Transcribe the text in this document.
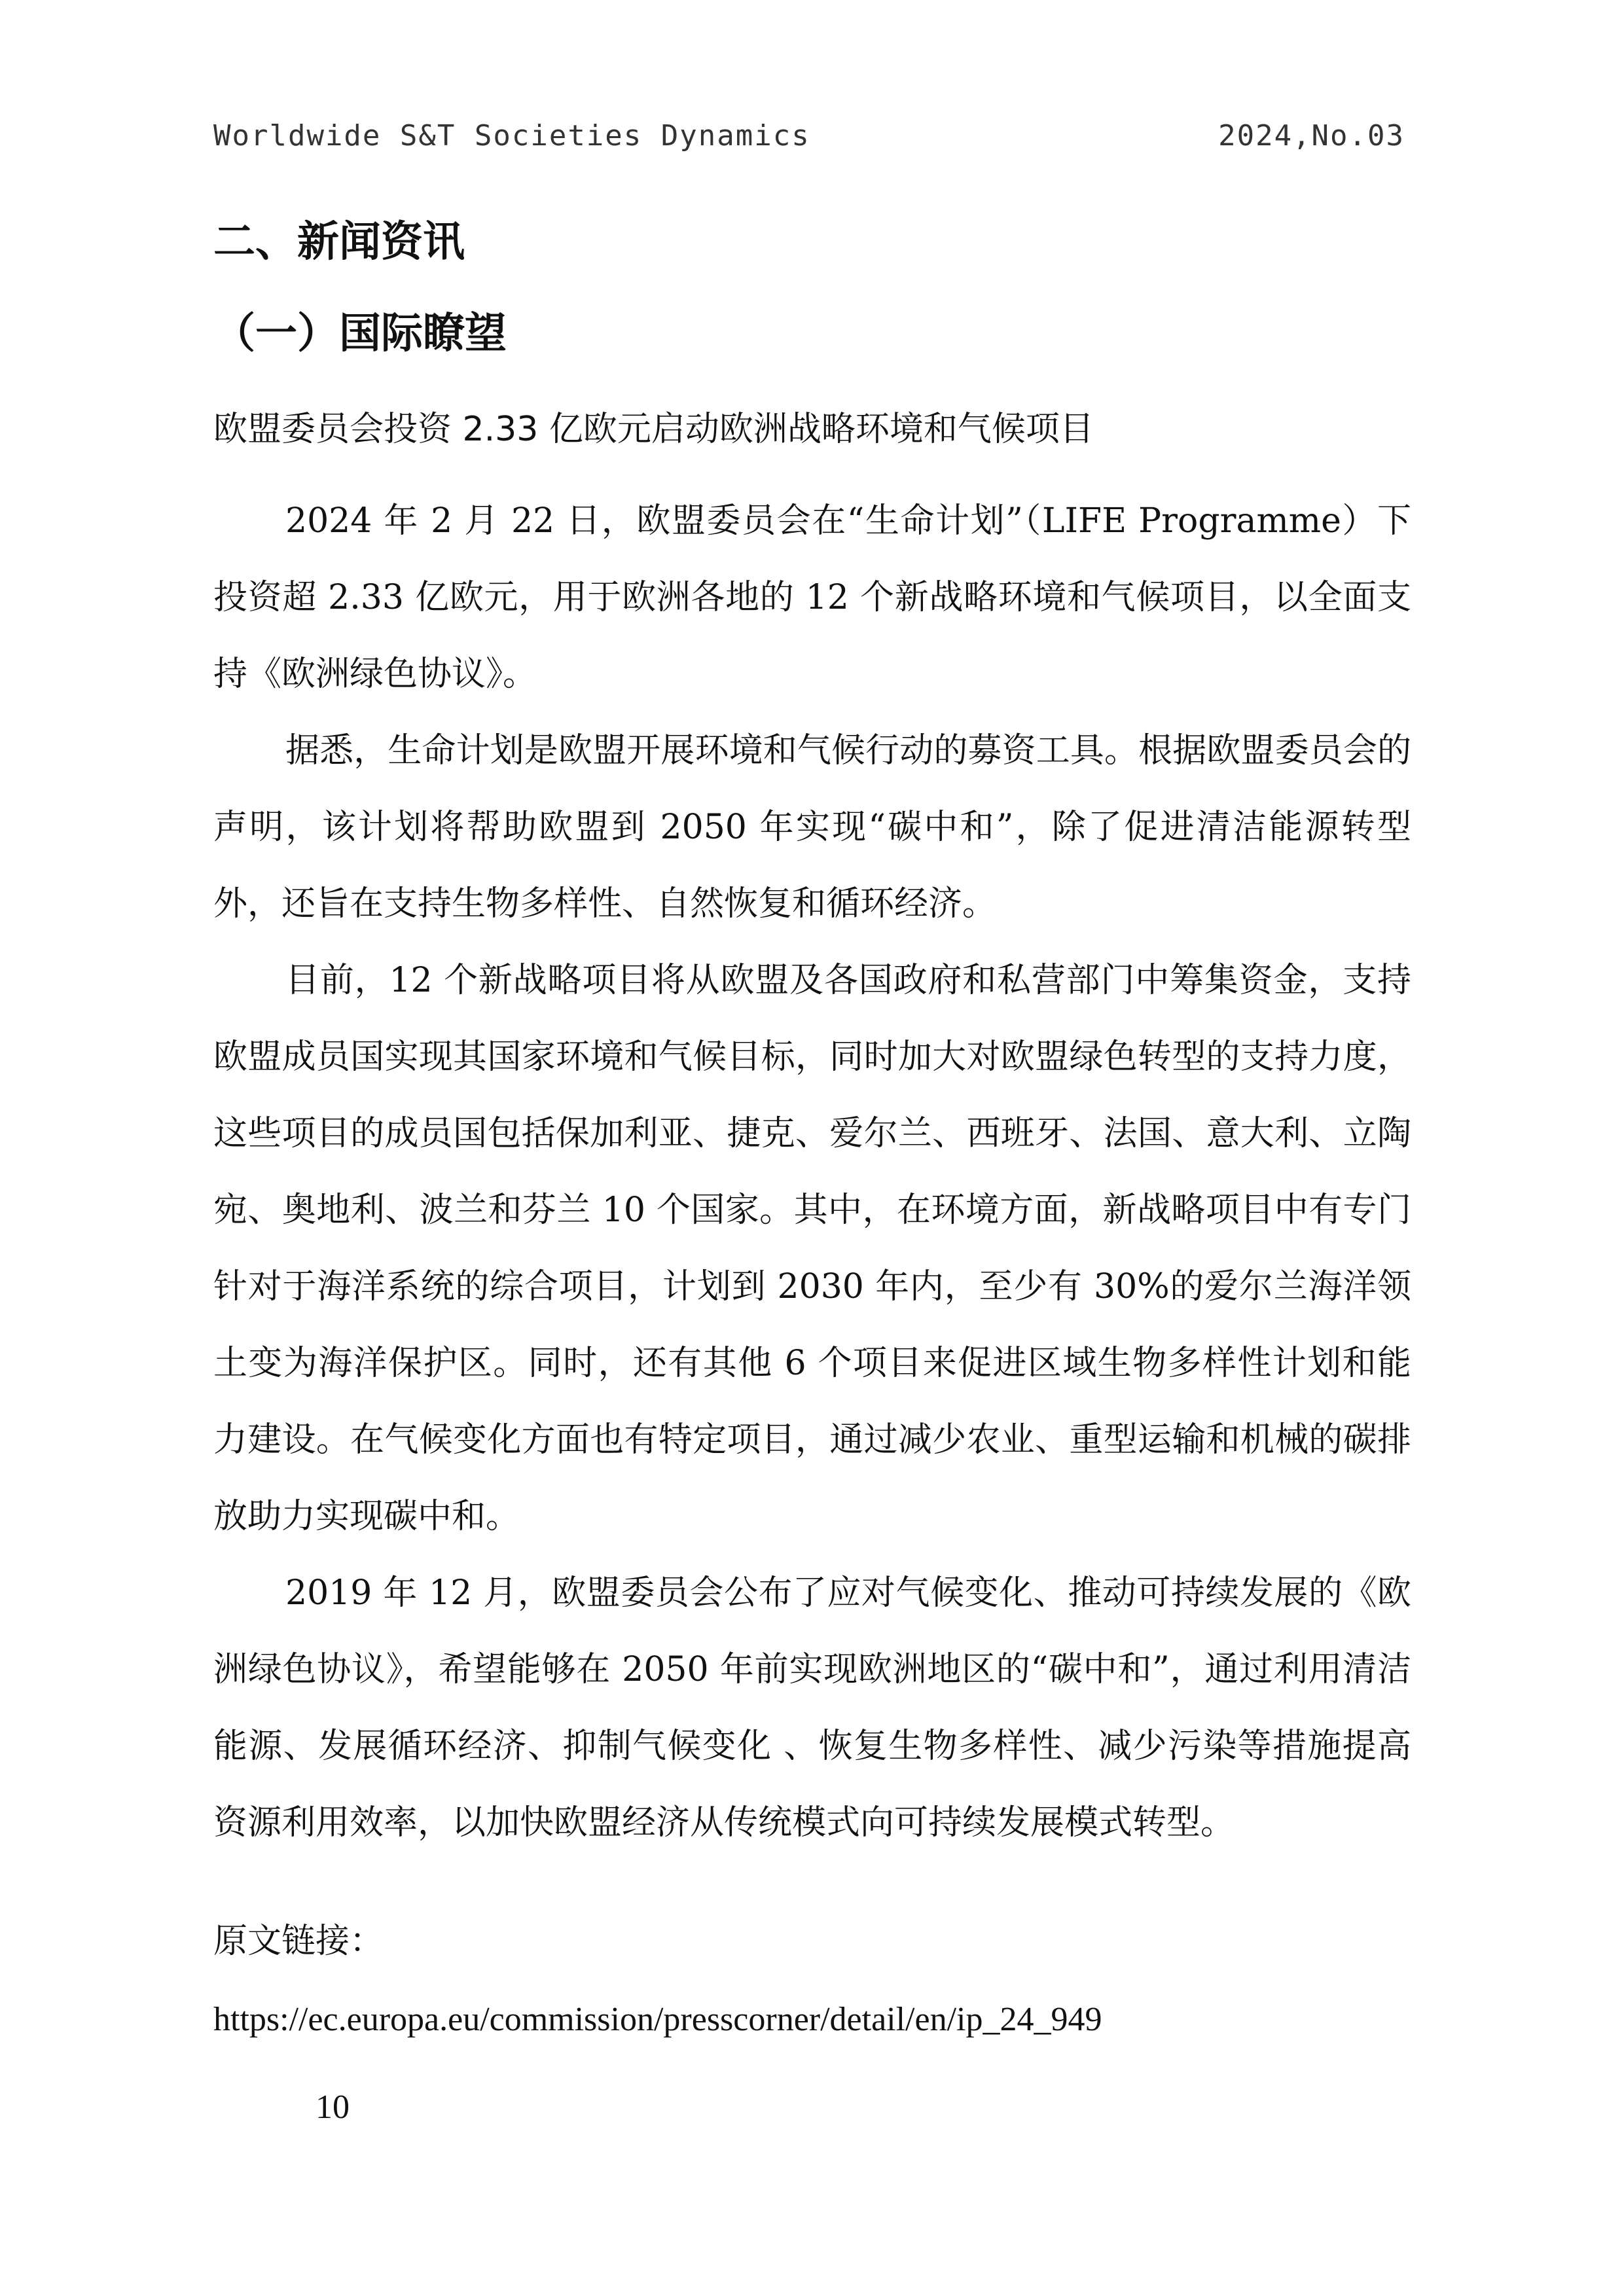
Worldwide S&T Societies Dynamics	2024,No.03
二、新闻资讯
（一）国际瞭望
欧盟委员会投资 2.33 亿欧元启动欧洲战略环境和气候项目

2024 年 2 月 22 日，欧盟委员会在“生命计划”（LIFE Programme）下投资超 2.33 亿欧元，用于欧洲各地的 12 个新战略环境和气候项目，以全面支持《欧洲绿色协议》。

据悉，生命计划是欧盟开展环境和气候行动的募资工具。根据欧盟委员会的声明，该计划将帮助欧盟到 2050 年实现“碳中和”，除了促进清洁能源转型外，还旨在支持生物多样性、自然恢复和循环经济。

目前，12 个新战略项目将从欧盟及各国政府和私营部门中筹集资金，支持欧盟成员国实现其国家环境和气候目标，同时加大对欧盟绿色转型的支持力度，这些项目的成员国包括保加利亚、捷克、爱尔兰、西班牙、法国、意大利、立陶宛、奥地利、波兰和芬兰 10 个国家。其中，在环境方面，新战略项目中有专门针对于海洋系统的综合项目，计划到 2030 年内，至少有 30%的爱尔兰海洋领土变为海洋保护区。同时，还有其他 6 个项目来促进区域生物多样性计划和能力建设。在气候变化方面也有特定项目，通过减少农业、重型运输和机械的碳排放助力实现碳中和。

2019 年 12 月，欧盟委员会公布了应对气候变化、推动可持续发展的《欧洲绿色协议》，希望能够在 2050 年前实现欧洲地区的“碳中和”，通过利用清洁能源、发展循环经济、抑制气候变化 、恢复生物多样性、减少污染等措施提高资源利用效率，以加快欧盟经济从传统模式向可持续发展模式转型。

原文链接：
https://ec.europa.eu/commission/presscorner/detail/en/ip_24_949
10
